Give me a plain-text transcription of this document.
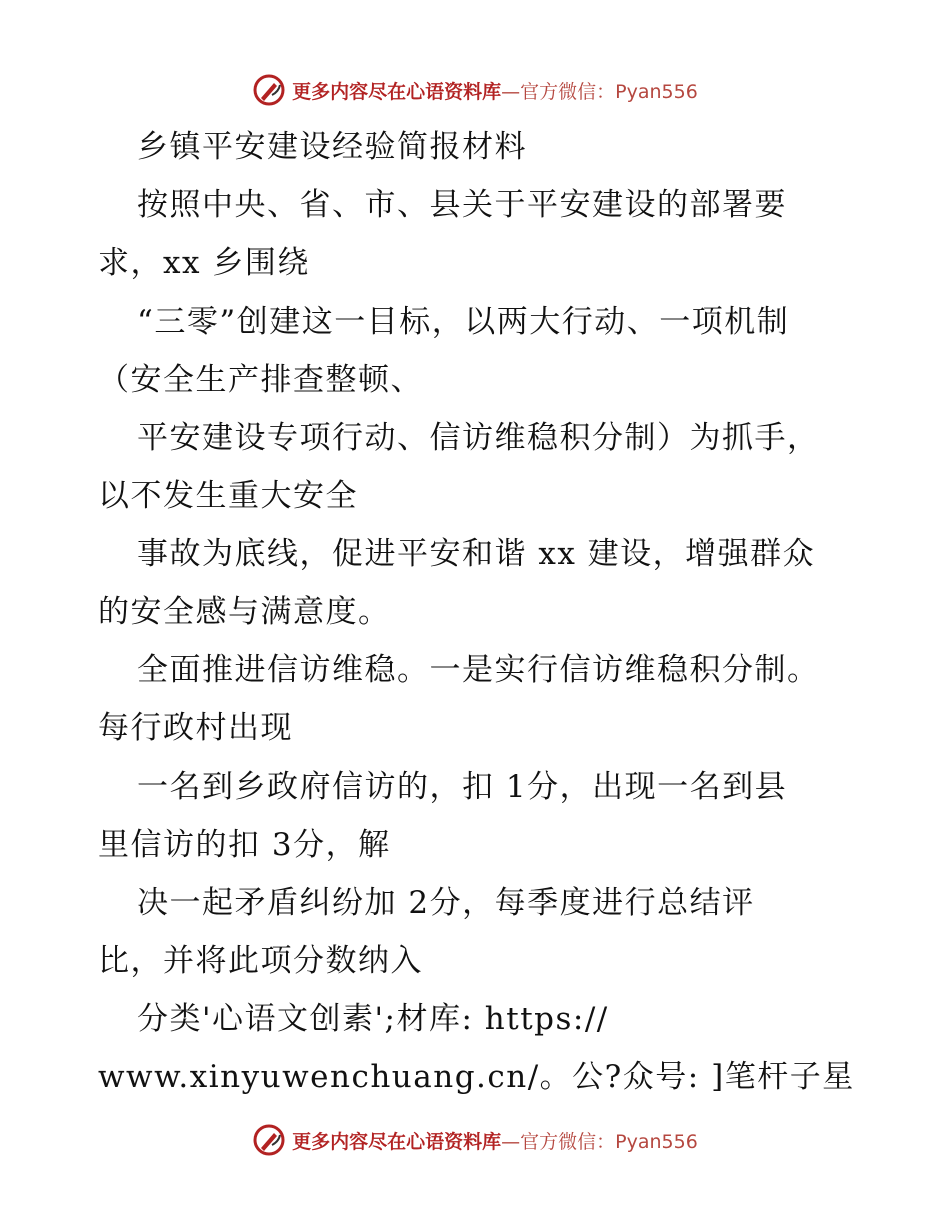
更多内容尽在心语资料库—官方微信：Pyan556
乡镇平安建设经验简报材料
按照中央、省、市、县关于平安建设的部署要
求，xx 乡围绕
“三零”创建这一目标，以两大行动、一项机制
（安全生产排查整顿、
平安建设专项行动、信访维稳积分制）为抓手，
以不发生重大安全
事故为底线，促进平安和谐 xx 建设，增强群众
的安全感与满意度。
全面推进信访维稳。一是实行信访维稳积分制。
每行政村出现
一名到乡政府信访的，扣 1分，出现一名到县
里信访的扣 3分，解
决一起矛盾纠纷加 2分，每季度进行总结评
比，并将此项分数纳入
分类'心语文创素';材库: https://
www.xinyuwenchuang.cn/。公?众号: ]笔杆子星
更多内容尽在心语资料库—官方微信：Pyan556
